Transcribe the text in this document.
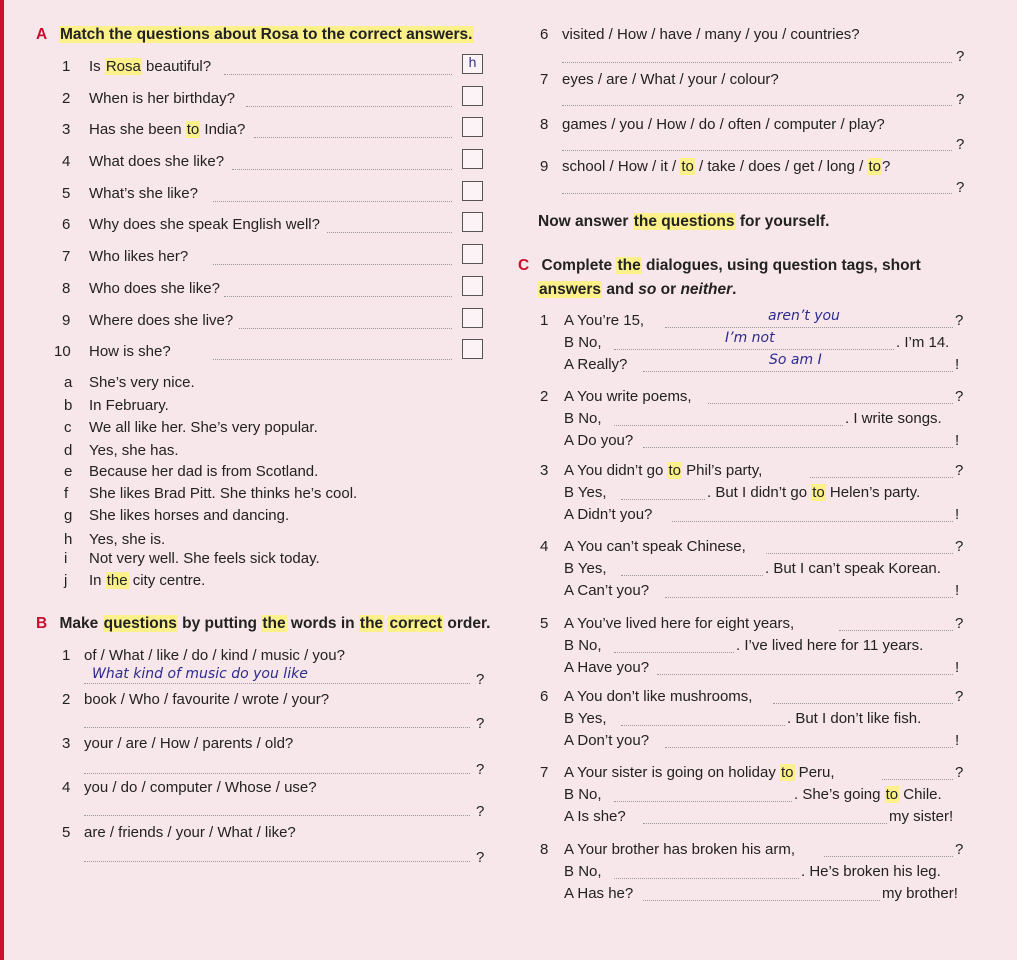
A Match the questions about Rosa to the correct answers.
1 Is Rosa beautiful?	h
2 When is her birthday?
3 Has she been to India?
4 What does she like?
5 What’s she like?
6 Why does she speak English well?
7 Who likes her?
8 Who does she like?
9 Where does she live?
10 How is she?
a She’s very nice.
b In February.
c We all like her. She’s very popular.
d Yes, she has.
e Because her dad is from Scotland.
f She likes Brad Pitt. She thinks he’s cool.
g She likes horses and dancing.
h Yes, she is.
i Not very well. She feels sick today.
j In the city centre.
B Make questions by putting the words in the correct order.
1 of / What / like / do / kind / music / you?
What kind of music do you like	?
2 book / Who / favourite / wrote / your?
?
3 your / are / How / parents / old?
?
4 you / do / computer / Whose / use?
?
5 are / friends / your / What / like?
?
6 visited / How / have / many / you / countries?
?
7 eyes / are / What / your / colour?
?
8 games / you / How / do / often / computer / play?
?
9 school / How / it / to / take / does / get / long / to?
?
Now answer the questions for yourself.
C Complete the dialogues, using question tags, short
answers and so or neither.
1 A You’re 15,	aren’t you	?
B No,	I’m not	. I’m 14.
A Really?	So am I	!
2 A You write poems,	?
B No,	. I write songs.
A Do you?	!
3 A You didn’t go to Phil’s party,	?
B Yes,	. But I didn’t go to Helen’s party.
A Didn’t you?	!
4 A You can’t speak Chinese,	?
B Yes,	. But I can’t speak Korean.
A Can’t you?	!
5 A You’ve lived here for eight years,	?
B No,	. I’ve lived here for 11 years.
A Have you?	!
6 A You don’t like mushrooms,	?
B Yes,	. But I don’t like fish.
A Don’t you?	!
7 A Your sister is going on holiday to Peru,	?
B No,	. She’s going to Chile.
A Is she?	my sister!
8 A Your brother has broken his arm,	?
B No,	. He’s broken his leg.
A Has he?	my brother!
